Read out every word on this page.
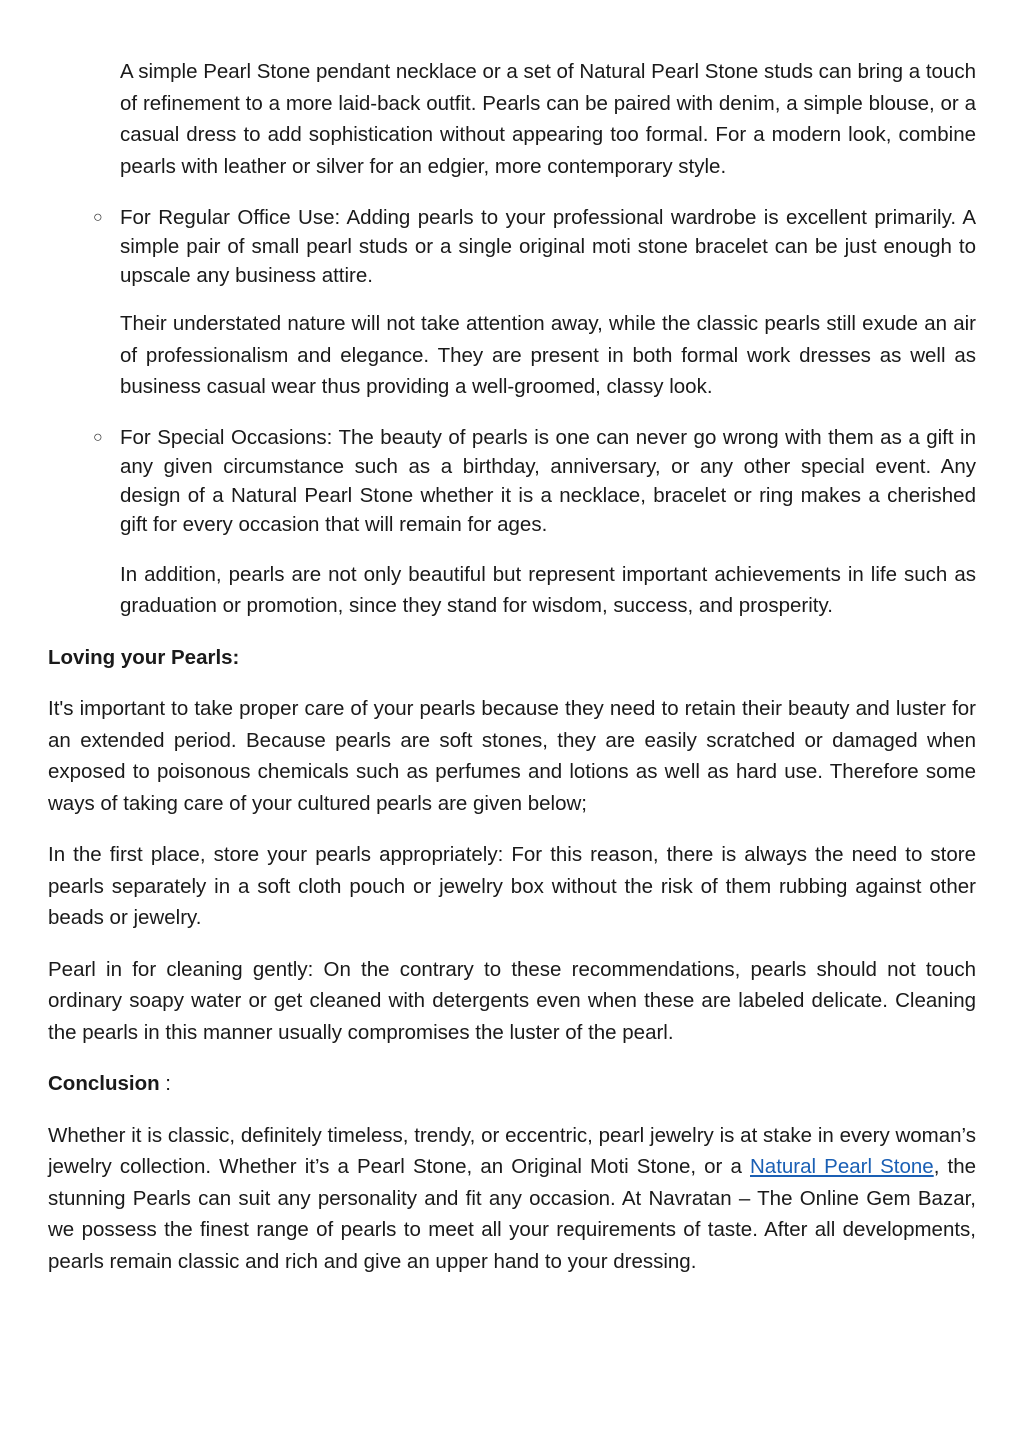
A simple Pearl Stone pendant necklace or a set of Natural Pearl Stone studs can bring a touch of refinement to a more laid-back outfit. Pearls can be paired with denim, a simple blouse, or a casual dress to add sophistication without appearing too formal. For a modern look, combine pearls with leather or silver for an edgier, more contemporary style.

○ For Regular Office Use: Adding pearls to your professional wardrobe is excellent primarily. A simple pair of small pearl studs or a single original moti stone bracelet can be just enough to upscale any business attire.

Their understated nature will not take attention away, while the classic pearls still exude an air of professionalism and elegance. They are present in both formal work dresses as well as business casual wear thus providing a well-groomed, classy look.

○ For Special Occasions: The beauty of pearls is one can never go wrong with them as a gift in any given circumstance such as a birthday, anniversary, or any other special event. Any design of a Natural Pearl Stone whether it is a necklace, bracelet or ring makes a cherished gift for every occasion that will remain for ages.

In addition, pearls are not only beautiful but represent important achievements in life such as graduation or promotion, since they stand for wisdom, success, and prosperity.

Loving your Pearls:

It's important to take proper care of your pearls because they need to retain their beauty and luster for an extended period. Because pearls are soft stones, they are easily scratched or damaged when exposed to poisonous chemicals such as perfumes and lotions as well as hard use. Therefore some ways of taking care of your cultured pearls are given below;

In the first place, store your pearls appropriately: For this reason, there is always the need to store pearls separately in a soft cloth pouch or jewelry box without the risk of them rubbing against other beads or jewelry.

Pearl in for cleaning gently: On the contrary to these recommendations, pearls should not touch ordinary soapy water or get cleaned with detergents even when these are labeled delicate. Cleaning the pearls in this manner usually compromises the luster of the pearl.

Conclusion :

Whether it is classic, definitely timeless, trendy, or eccentric, pearl jewelry is at stake in every woman’s jewelry collection. Whether it’s a Pearl Stone, an Original Moti Stone, or a Natural Pearl Stone, the stunning Pearls can suit any personality and fit any occasion. At Navratan – The Online Gem Bazar, we possess the finest range of pearls to meet all your requirements of taste. After all developments, pearls remain classic and rich and give an upper hand to your dressing.
